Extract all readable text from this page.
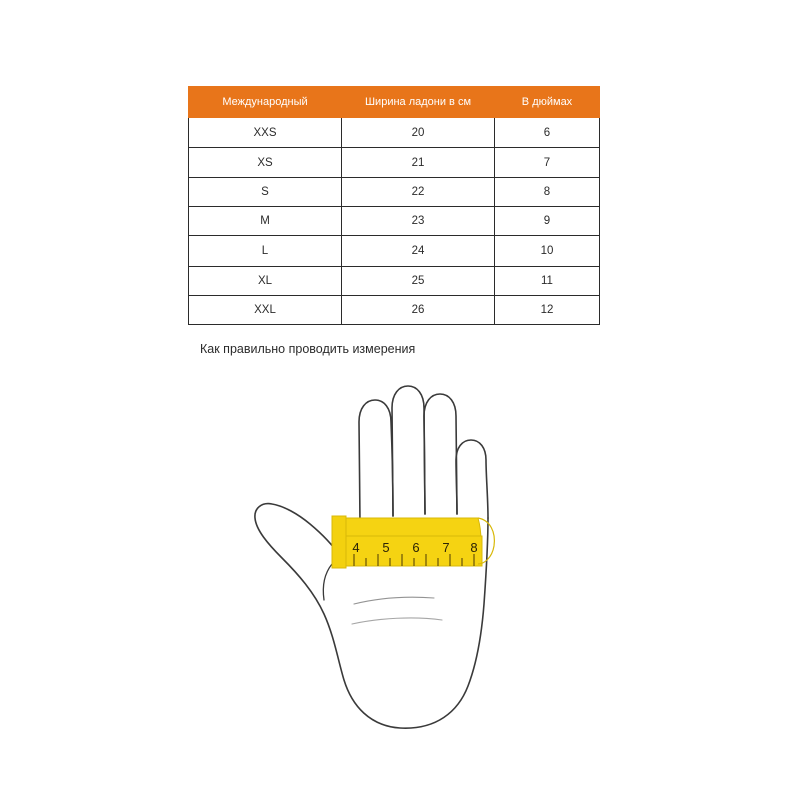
Международный	Ширина ладони в см	В дюймах
XXS	20	6
XS	21	7
S	22	8
M	23	9
L	24	10
XL	25	11
XXL	26	12
Как правильно проводить измерения
4 5 6 7 8
